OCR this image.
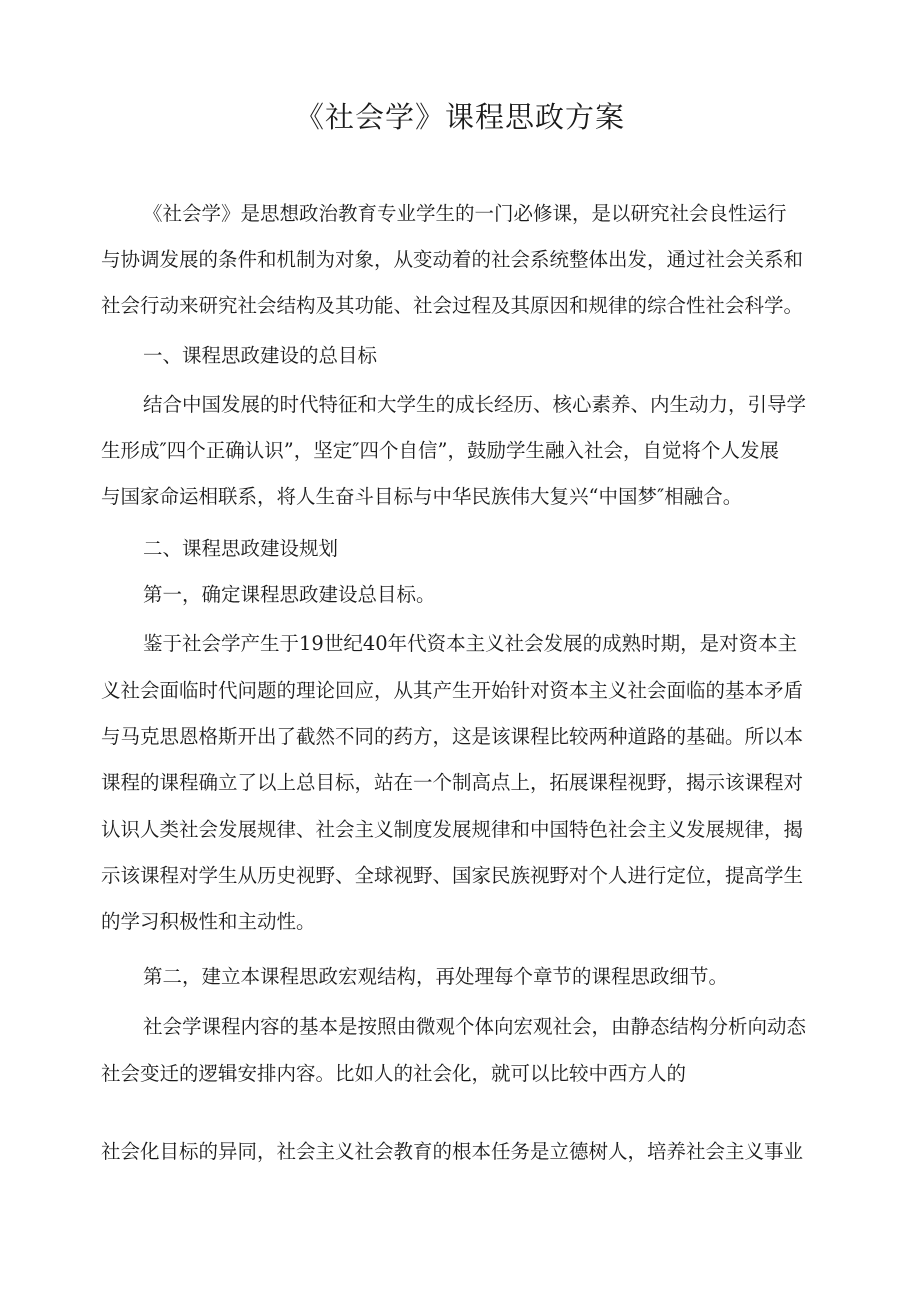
《社会学》课程思政方案
《社会学》是思想政治教育专业学生的一门必修课，是以研究社会良性运行
与协调发展的条件和机制为对象，从变动着的社会系统整体出发，通过社会关系和
社会行动来研究社会结构及其功能、社会过程及其原因和规律的综合性社会科学。
一、课程思政建设的总目标
结合中国发展的时代特征和大学生的成长经历、核心素养、内生动力，引导学
生形成″四个正确认识”，坚定″四个自信”，鼓励学生融入社会，自觉将个人发展
与国家命运相联系，将人生奋斗目标与中华民族伟大复兴“中国梦″相融合。
二、课程思政建设规划
第一，确定课程思政建设总目标。
鉴于社会学产生于19世纪40年代资本主义社会发展的成熟时期，是对资本主
义社会面临时代问题的理论回应，从其产生开始针对资本主义社会面临的基本矛盾
与马克思恩格斯开出了截然不同的药方，这是该课程比较两种道路的基础。所以本
课程的课程确立了以上总目标，站在一个制高点上，拓展课程视野，揭示该课程对
认识人类社会发展规律、社会主义制度发展规律和中国特色社会主义发展规律，揭
示该课程对学生从历史视野、全球视野、国家民族视野对个人进行定位，提高学生
的学习积极性和主动性。
第二，建立本课程思政宏观结构，再处理每个章节的课程思政细节。
社会学课程内容的基本是按照由微观个体向宏观社会，由静态结构分析向动态
社会变迁的逻辑安排内容。比如人的社会化，就可以比较中西方人的
社会化目标的异同，社会主义社会教育的根本任务是立德树人，培养社会主义事业
